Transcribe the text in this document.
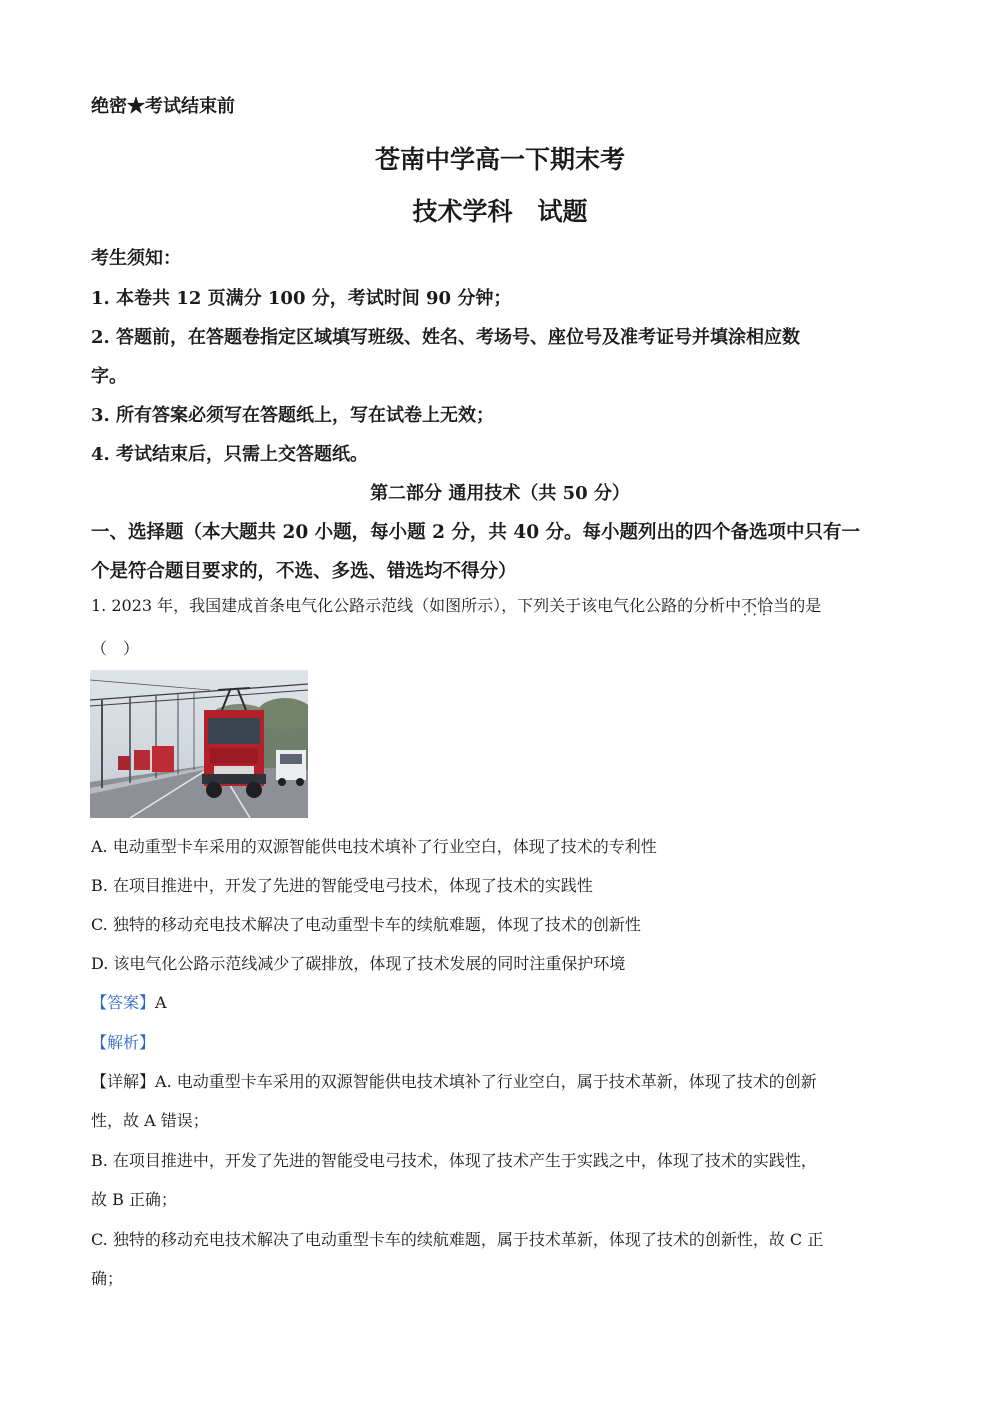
绝密★考试结束前
苍南中学高一下期末考
技术学科　试题
考生须知：
1. 本卷共 12 页满分 100 分，考试时间 90 分钟；
2. 答题前，在答题卷指定区域填写班级、姓名、考场号、座位号及准考证号并填涂相应数
字。
3. 所有答案必须写在答题纸上，写在试卷上无效；
4. 考试结束后，只需上交答题纸。
第二部分 通用技术（共 50 分）
一、选择题（本大题共 20 小题，每小题 2 分，共 40 分。每小题列出的四个备选项中只有一
个是符合题目要求的，不选、多选、错选均不得分）
1. 2023 年，我国建成首条电气化公路示范线（如图所示），下列关于该电气化公路的分析中不恰当 • • •的是
（　）
A. 电动重型卡车采用的双源智能供电技术填补了行业空白，体现了技术的专利性
B. 在项目推进中，开发了先进的智能受电弓技术，体现了技术的实践性
C. 独特的移动充电技术解决了电动重型卡车的续航难题，体现了技术的创新性
D. 该电气化公路示范线减少了碳排放，体现了技术发展的同时注重保护环境
【答案】A
【解析】
【详解】A. 电动重型卡车采用的双源智能供电技术填补了行业空白，属于技术革新，体现了技术的创新
性，故 A 错误；
B. 在项目推进中，开发了先进的智能受电弓技术，体现了技术产生于实践之中，体现了技术的实践性，
故 B 正确；
C. 独特的移动充电技术解决了电动重型卡车的续航难题，属于技术革新，体现了技术的创新性，故 C 正
确；
